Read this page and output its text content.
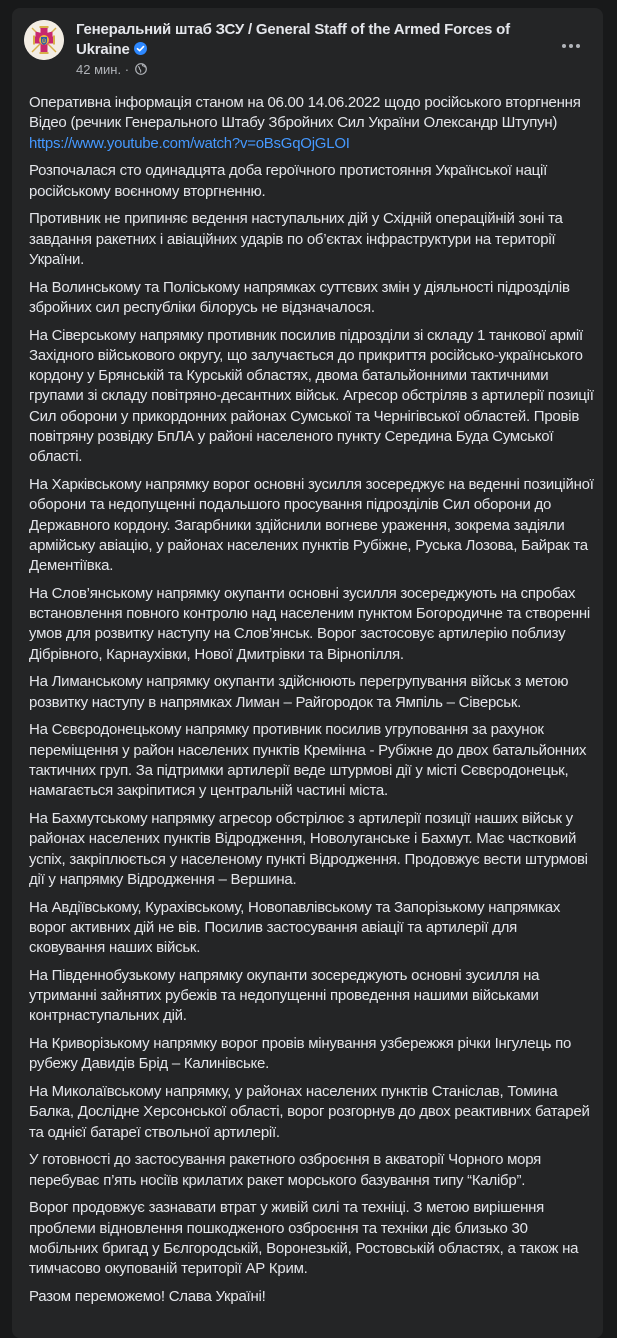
Генеральний штаб ЗСУ / General Staff of the Armed Forces of
Ukraine
42 мин. ·

Оперативна інформація станом на 06.00 14.06.2022 щодо російського вторгнення
Відео (речник Генерального Штабу Збройних Сил України Олександр Штупун)
https://www.youtube.com/watch?v=oBsGqOjGLOI

Розпочалася сто одинадцята доба героїчного протистояння Української нації російському воєнному вторгненню.

Противник не припиняє ведення наступальних дій у Східній операційній зоні та завдання ракетних і авіаційних ударів по об’єктах інфраструктури на території України.

На Волинському та Поліському напрямках суттєвих змін у діяльності підрозділів збройних сил республіки білорусь не відзначалося.

На Сіверському напрямку противник посилив підрозділи зі складу 1 танкової армії Західного військового округу, що залучається до прикриття російсько-українського кордону у Брянській та Курській областях, двома батальйонними тактичними групами зі складу повітряно-десантних військ. Агресор обстріляв з артилерії позиції Сил оборони у прикордонних районах Сумської та Чернігівської областей. Провів повітряну розвідку БпЛА у районі населеного пункту Середина Буда Сумської області.

На Харківському напрямку ворог основні зусилля зосереджує на веденні позиційної оборони та недопущенні подальшого просування підрозділів Сил оборони до Державного кордону. Загарбники здійснили вогневе ураження, зокрема задіяли армійську авіацію, у районах населених пунктів Рубіжне, Руська Лозова, Байрак та Дементіївка.

На Слов’янському напрямку окупанти основні зусилля зосереджують на спробах встановлення повного контролю над населеним пунктом Богородичне та створенні умов для розвитку наступу на Слов’янськ. Ворог застосовує артилерію поблизу Дібрівного, Карнаухівки, Нової Дмитрівки та Вірнопілля.

На Лиманському напрямку окупанти здійснюють перегрупування військ з метою розвитку наступу в напрямках Лиман – Райгородок та Ямпіль – Сіверськ.

На Сєвєродонецькому напрямку противник посилив угруповання за рахунок переміщення у район населених пунктів Кремінна - Рубіжне до двох батальйонних тактичних груп. За підтримки артилерії веде штурмові дії у місті Сєвєродонецьк, намагається закріпитися у центральній частині міста.

На Бахмутському напрямку агресор обстрілює з артилерії позиції наших військ у районах населених пунктів Відродження, Новолуганське і Бахмут. Має частковий успіх, закріплюється у населеному пункті Відродження. Продовжує вести штурмові дії у напрямку Відродження – Вершина.

На Авдіївському, Курахівському, Новопавлівському та Запорізькому напрямках ворог активних дій не вів. Посилив застосування авіації та артилерії для сковування наших військ.

На Південнобузькому напрямку окупанти зосереджують основні зусилля на утриманні зайнятих рубежів та недопущенні проведення нашими військами контрнаступальних дій.

На Криворізькому напрямку ворог провів мінування узбережжя річки Інгулець по рубежу Давидів Брід – Калинівське.

На Миколаївському напрямку, у районах населених пунктів Станіслав, Томина Балка, Дослідне Херсонської області, ворог розгорнув до двох реактивних батарей та однієї батареї ствольної артилерії.

У готовності до застосування ракетного озброєння в акваторії Чорного моря перебуває п’ять носіїв крилатих ракет морського базування типу “Калібр”.

Ворог продовжує зазнавати втрат у живій силі та техніці. З метою вирішення проблеми відновлення пошкодженого озброєння та техніки діє близько 30 мобільних бригад у Бєлгородській, Воронезькій, Ростовській областях, а також на тимчасово окупованій території АР Крим.

Разом переможемо! Слава Україні!
